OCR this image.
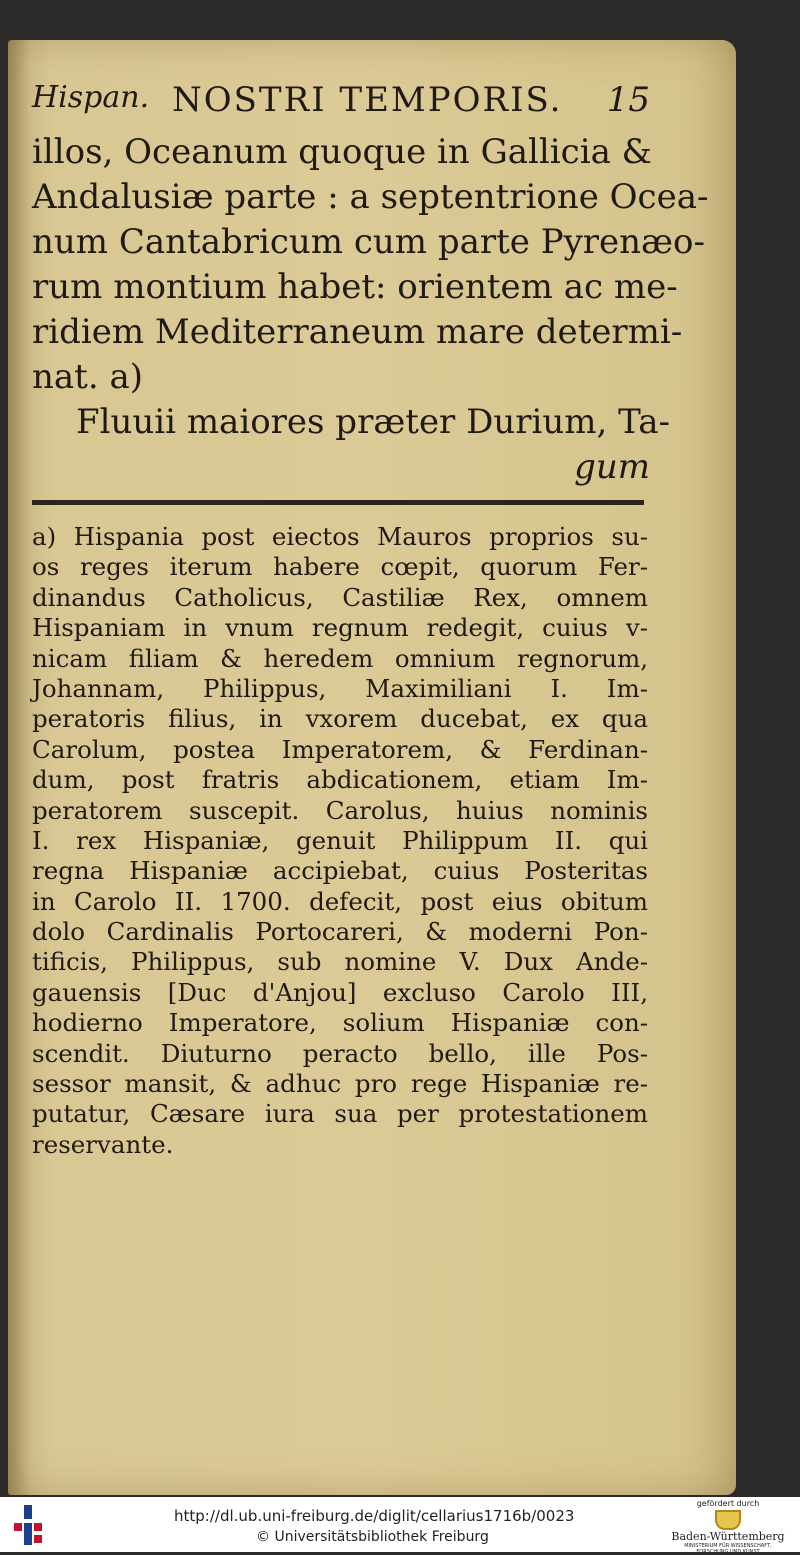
Hispan. NOSTRI TEMPORIS. 15
illos, Oceanum quoque in Gallicia &
Andalusiæ parte : a septentrione Ocea-
num Cantabricum cum parte Pyrenæo-
rum montium habet: orientem ac me-
ridiem Mediterraneum mare determi-
nat. a)
Fluuii maiores præter Durium, Ta-
gum
a) Hispania post eiectos Mauros proprios su-
os reges iterum habere cœpit, quorum Fer-
dinandus Catholicus, Castiliæ Rex, omnem
Hispaniam in vnum regnum redegit, cuius v-
nicam filiam & heredem omnium regnorum,
Johannam, Philippus, Maximiliani I. Im-
peratoris filius, in vxorem ducebat, ex qua
Carolum, postea Imperatorem, & Ferdinan-
dum, post fratris abdicationem, etiam Im-
peratorem suscepit. Carolus, huius nominis
I. rex Hispaniæ, genuit Philippum II. qui
regna Hispaniæ accipiebat, cuius Posteritas
in Carolo II. 1700. defecit, post eius obitum
dolo Cardinalis Portocareri, & moderni Pon-
tificis, Philippus, sub nomine V. Dux Ande-
gauensis [Duc d'Anjou] excluso Carolo III,
hodierno Imperatore, solium Hispaniæ con-
scendit. Diuturno peracto bello, ille Pos-
sessor mansit, & adhuc pro rege Hispaniæ re-
putatur, Cæsare iura sua per protestationem
reservante.
http://dl.ub.uni-freiburg.de/diglit/cellarius1716b/0023
© Universitätsbibliothek Freiburg
gefördert durch
Baden-Württemberg
MINISTERIUM FÜR WISSENSCHAFT, FORSCHUNG UND KUNST
